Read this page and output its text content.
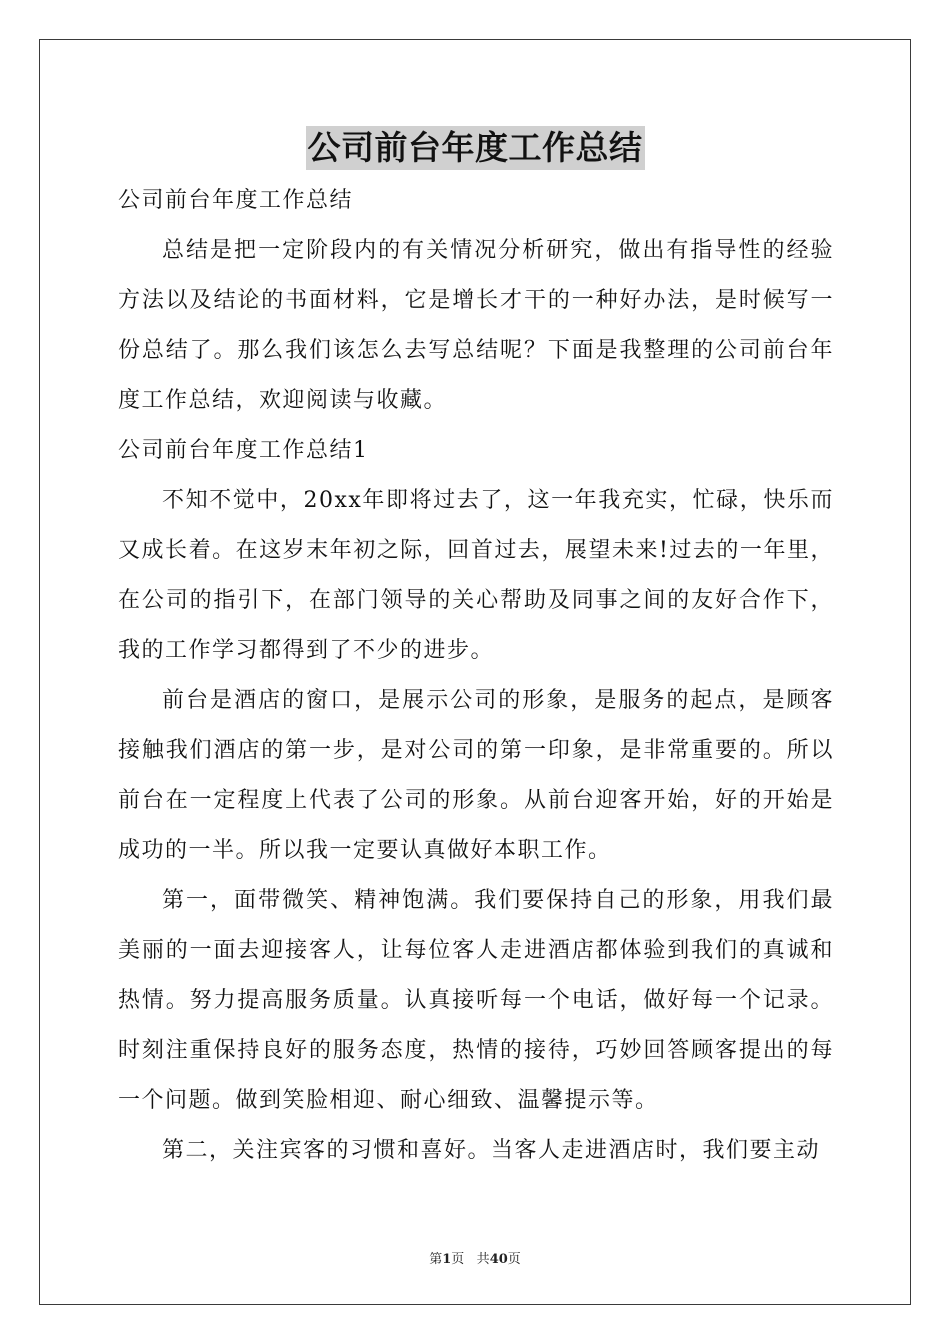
公司前台年度工作总结
公司前台年度工作总结

总结是把一定阶段内的有关情况分析研究，做出有指导性的经验方法以及结论的书面材料，它是增长才干的一种好办法，是时候写一份总结了。那么我们该怎么去写总结呢？下面是我整理的公司前台年度工作总结，欢迎阅读与收藏。

公司前台年度工作总结1

不知不觉中，20xx年即将过去了，这一年我充实，忙碌，快乐而又成长着。在这岁末年初之际，回首过去，展望未来!过去的一年里，在公司的指引下，在部门领导的关心帮助及同事之间的友好合作下，我的工作学习都得到了不少的进步。

前台是酒店的窗口，是展示公司的形象，是服务的起点，是顾客接触我们酒店的第一步，是对公司的第一印象，是非常重要的。所以前台在一定程度上代表了公司的形象。从前台迎客开始，好的开始是成功的一半。所以我一定要认真做好本职工作。

第一，面带微笑、精神饱满。我们要保持自己的形象，用我们最美丽的一面去迎接客人，让每位客人走进酒店都体验到我们的真诚和热情。努力提高服务质量。认真接听每一个电话，做好每一个记录。时刻注重保持良好的服务态度，热情的接待，巧妙回答顾客提出的每一个问题。做到笑脸相迎、耐心细致、温馨提示等。

第二，关注宾客的习惯和喜好。当客人走进酒店时，我们要主动

第1页 共40页
